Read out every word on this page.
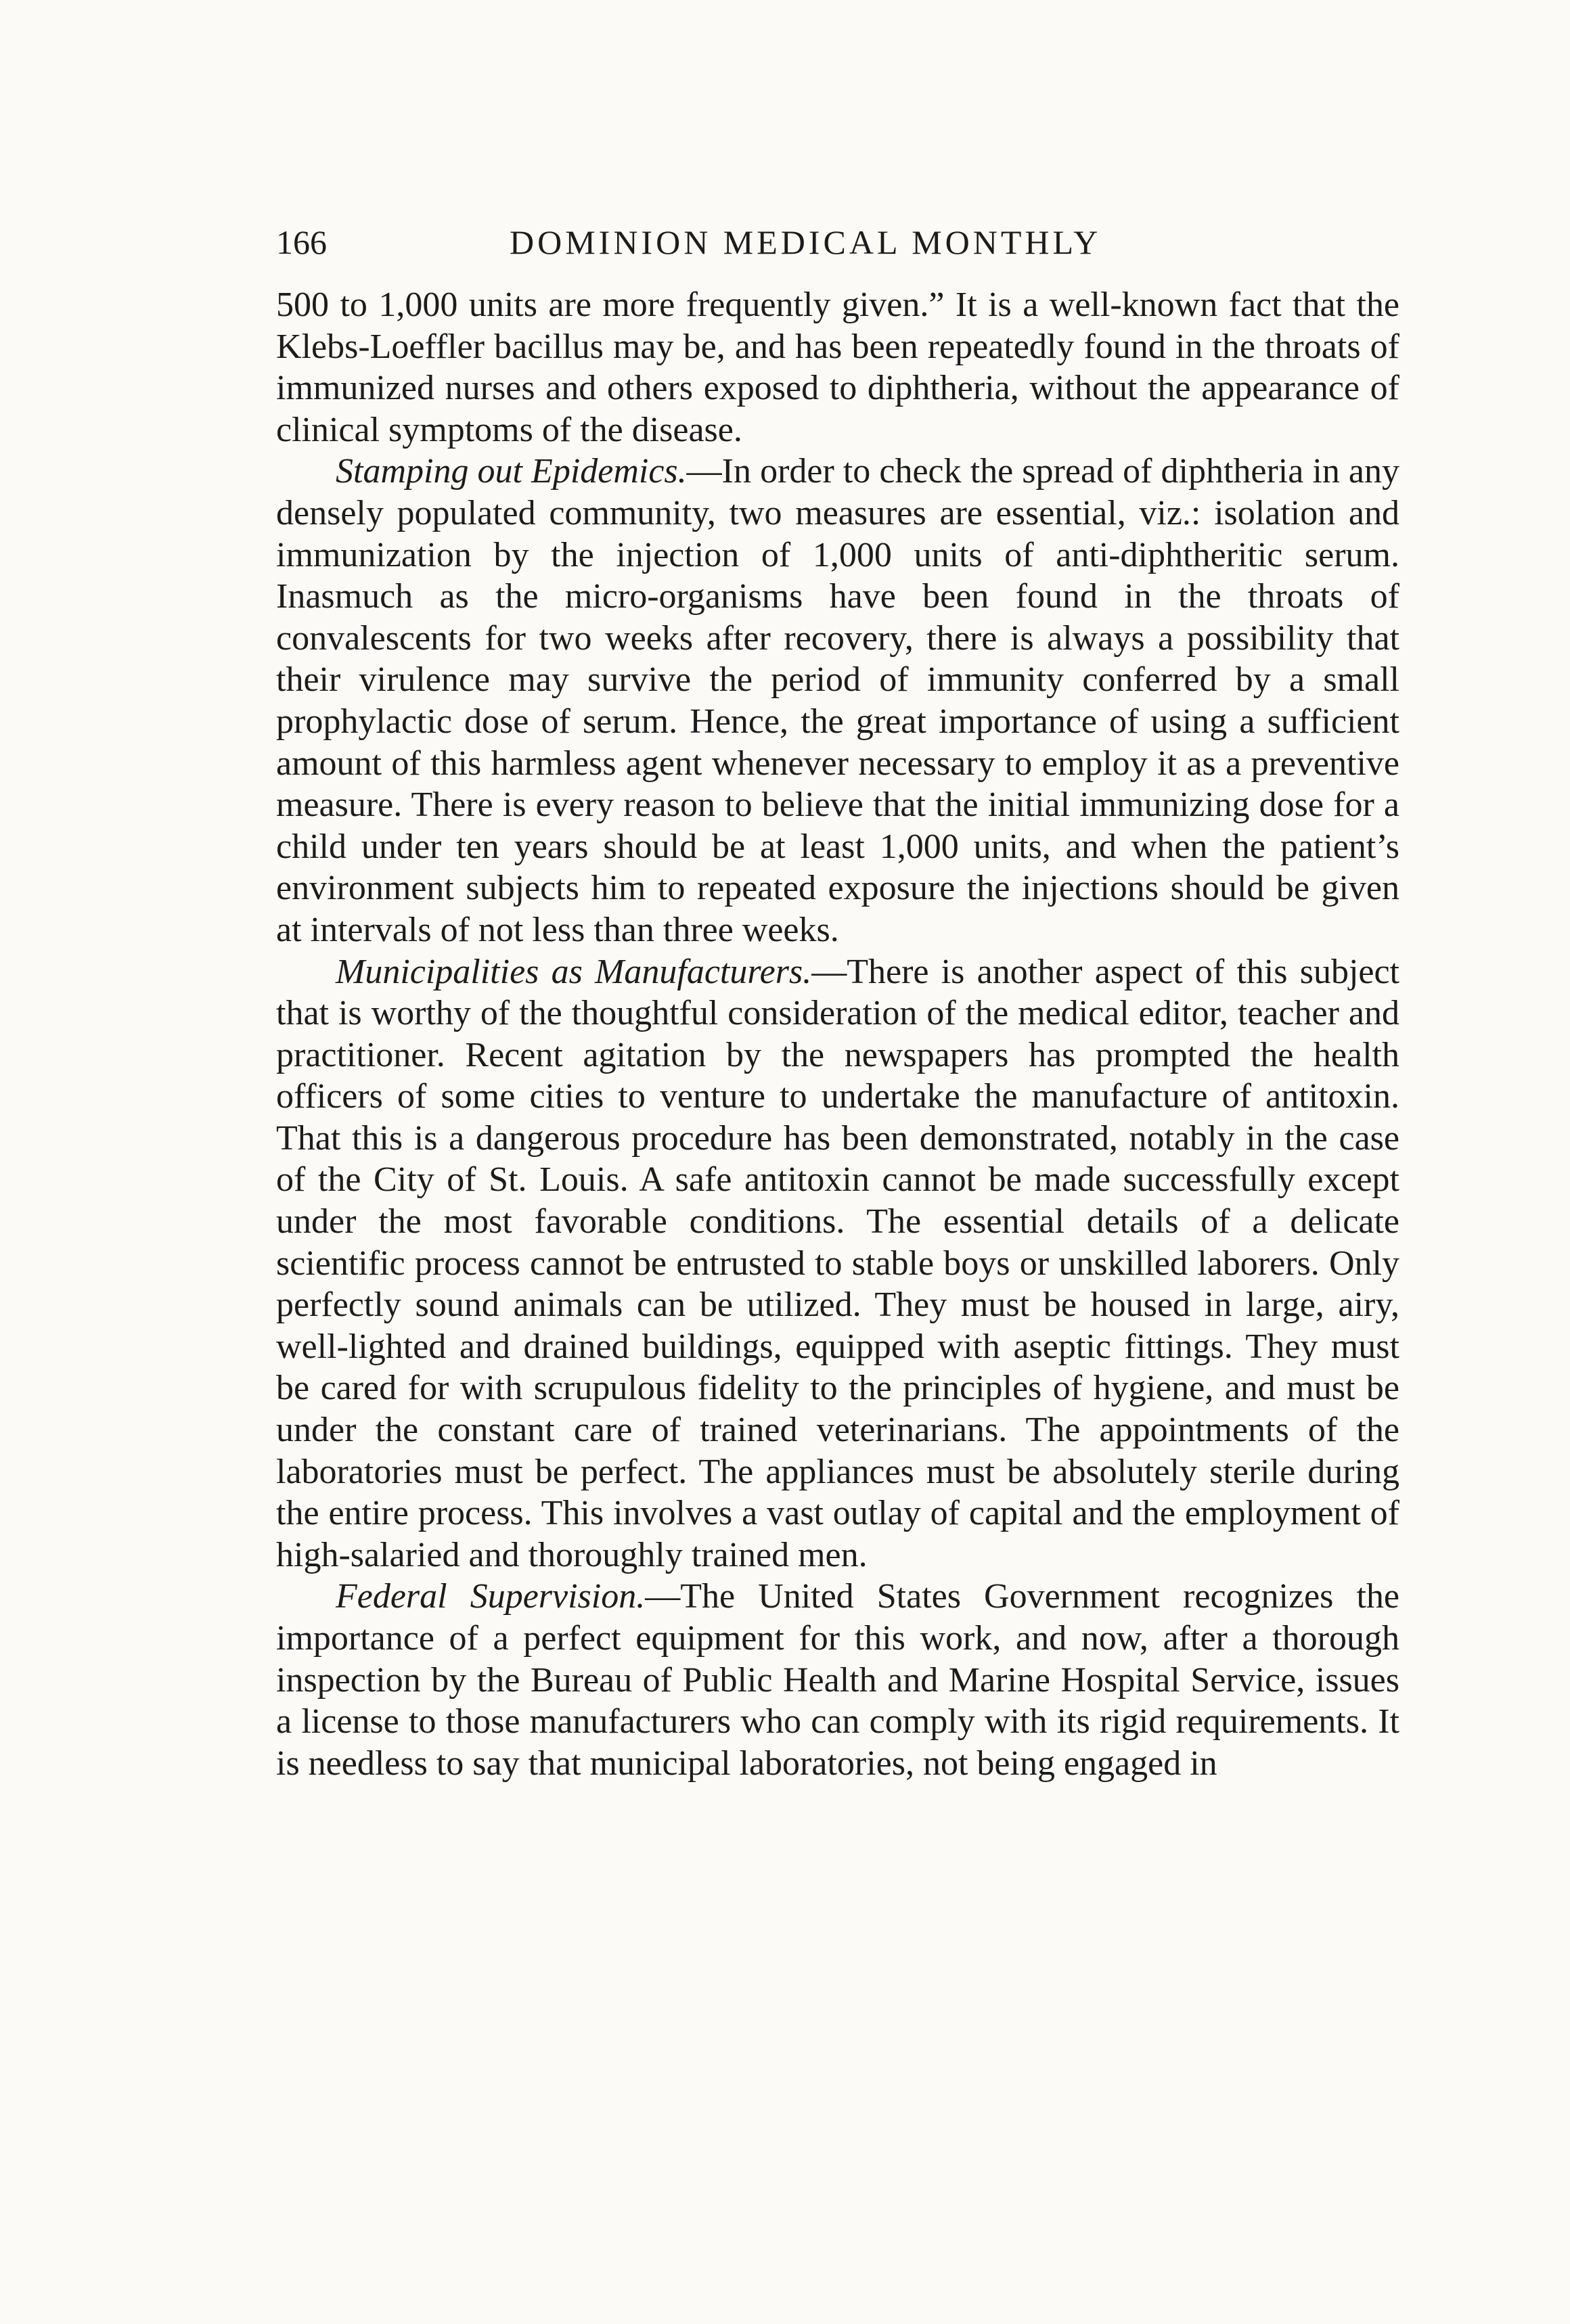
166	DOMINION MEDICAL MONTHLY

500 to 1,000 units are more frequently given.” It is a well-known fact that the Klebs-Loeffler bacillus may be, and has been repeatedly found in the throats of immunized nurses and others exposed to diphtheria, without the appearance of clinical symptoms of the disease.

Stamping out Epidemics.—In order to check the spread of diphtheria in any densely populated community, two measures are essential, viz.: isolation and immunization by the injection of 1,000 units of anti-diphtheritic serum. Inasmuch as the micro-organisms have been found in the throats of convalescents for two weeks after recovery, there is always a possibility that their virulence may survive the period of immunity conferred by a small prophylactic dose of serum. Hence, the great importance of using a sufficient amount of this harmless agent whenever necessary to employ it as a preventive measure. There is every reason to believe that the initial immunizing dose for a child under ten years should be at least 1,000 units, and when the patient’s environment subjects him to repeated exposure the injections should be given at intervals of not less than three weeks.

Municipalities as Manufacturers.—There is another aspect of this subject that is worthy of the thoughtful consideration of the medical editor, teacher and practitioner. Recent agitation by the newspapers has prompted the health officers of some cities to venture to undertake the manufacture of antitoxin. That this is a dangerous procedure has been demonstrated, notably in the case of the City of St. Louis. A safe antitoxin cannot be made successfully except under the most favorable conditions. The essential details of a delicate scientific process cannot be entrusted to stable boys or unskilled laborers. Only perfectly sound animals can be utilized. They must be housed in large, airy, well-lighted and drained buildings, equipped with aseptic fittings. They must be cared for with scrupulous fidelity to the principles of hygiene, and must be under the constant care of trained veterinarians. The appointments of the laboratories must be perfect. The appliances must be absolutely sterile during the entire process. This involves a vast outlay of capital and the employment of high-salaried and thoroughly trained men.

Federal Supervision.—The United States Government recognizes the importance of a perfect equipment for this work, and now, after a thorough inspection by the Bureau of Public Health and Marine Hospital Service, issues a license to those manufacturers who can comply with its rigid requirements. It is needless to say that municipal laboratories, not being engaged in
